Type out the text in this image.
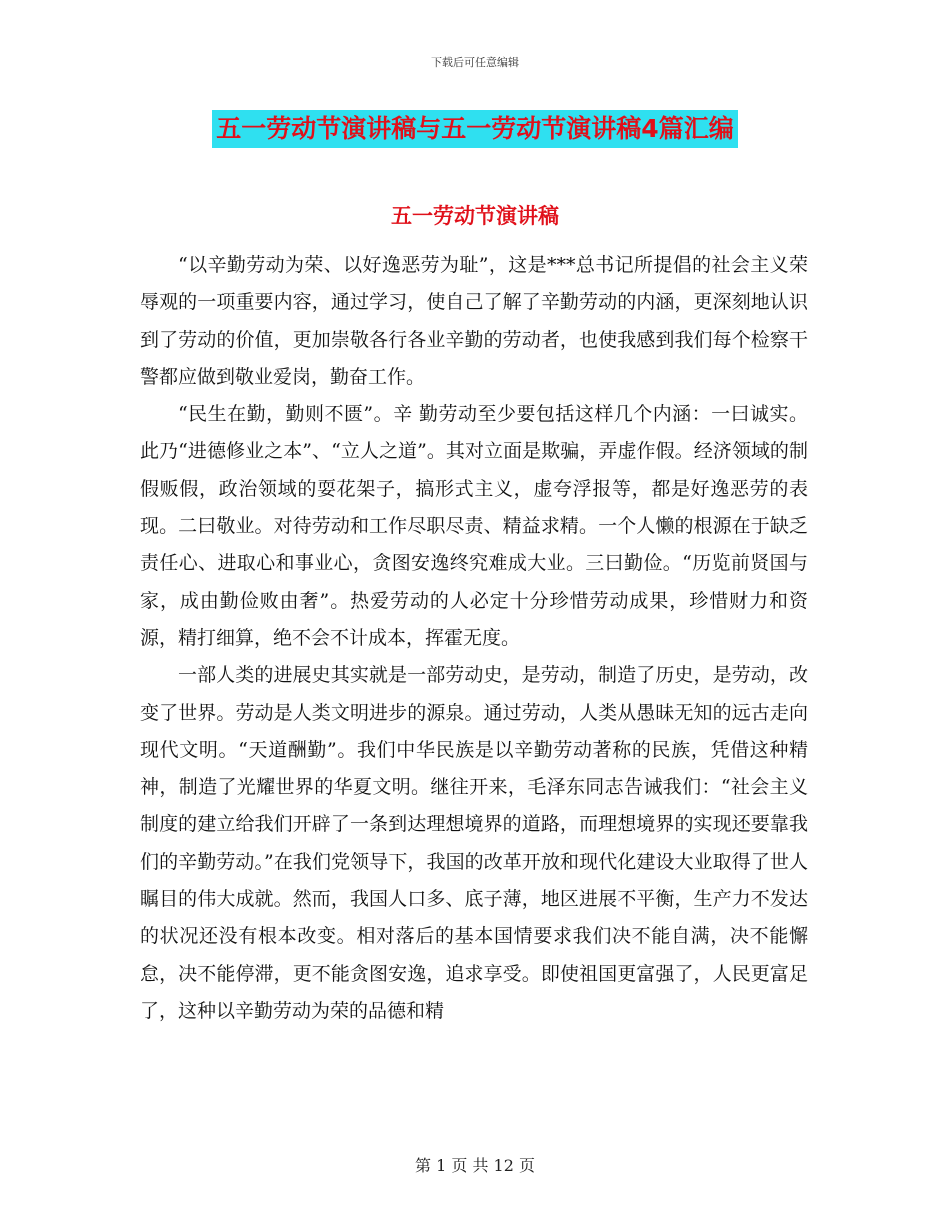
下载后可任意编辑
五一劳动节演讲稿与五一劳动节演讲稿4篇汇编
五一劳动节演讲稿

“以辛勤劳动为荣、以好逸恶劳为耻”，这是***总书记所提倡的社会主义荣辱观的一项重要内容，通过学习，使自己了解了辛勤劳动的内涵，更深刻地认识到了劳动的价值，更加崇敬各行各业辛勤的劳动者，也使我感到我们每个检察干警都应做到敬业爱岗，勤奋工作。

“民生在勤，勤则不匮”。辛 勤劳动至少要包括这样几个内涵：一曰诚实。此乃“进德修业之本”、“立人之道”。其对立面是欺骗，弄虚作假。经济领域的制假贩假，政治领域的耍花架子，搞形式主义，虚夸浮报等，都是好逸恶劳的表现。二曰敬业。对待劳动和工作尽职尽责、精益求精。一个人懒的根源在于缺乏责任心、进取心和事业心，贪图安逸终究难成大业。三曰勤俭。“历览前贤国与家，成由勤俭败由奢”。热爱劳动的人必定十分珍惜劳动成果，珍惜财力和资源，精打细算，绝不会不计成本，挥霍无度。

一部人类的进展史其实就是一部劳动史，是劳动，制造了历史，是劳动，改变了世界。劳动是人类文明进步的源泉。通过劳动，人类从愚昧无知的远古走向现代文明。“天道酬勤”。我们中华民族是以辛勤劳动著称的民族，凭借这种精神，制造了光耀世界的华夏文明。继往开来，毛泽东同志告诫我们：“社会主义制度的建立给我们开辟了一条到达理想境界的道路，而理想境界的实现还要靠我们的辛勤劳动。”在我们党领导下，我国的改革开放和现代化建设大业取得了世人瞩目的伟大成就。然而，我国人口多、底子薄，地区进展不平衡，生产力不发达的状况还没有根本改变。相对落后的基本国情要求我们决不能自满，决不能懈怠，决不能停滞，更不能贪图安逸，追求享受。即使祖国更富强了，人民更富足了，这种以辛勤劳动为荣的品德和精

第 1 页 共 12 页
